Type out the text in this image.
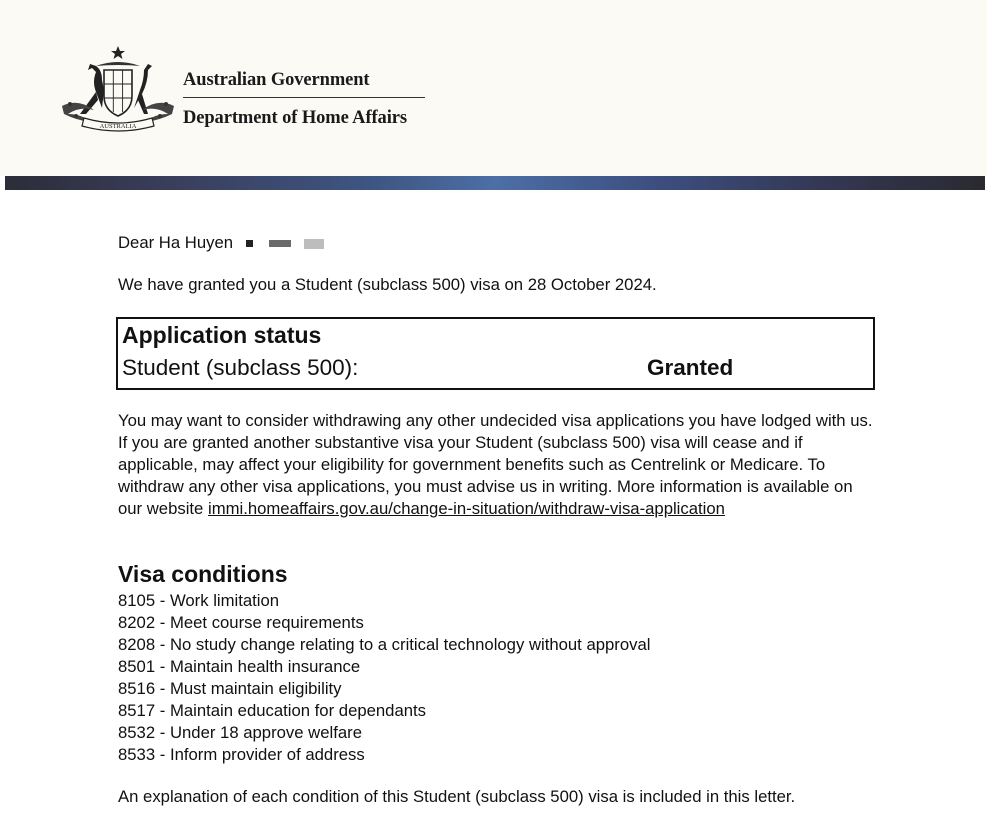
AUSTRALIA
Australian Government
Department of Home Affairs
Dear Ha Huyen
We have granted you a Student (subclass 500) visa on 28 October 2024.
Application status
Student (subclass 500):	Granted
You may want to consider withdrawing any other undecided visa applications you have lodged with us. If you are granted another substantive visa your Student (subclass 500) visa will cease and if applicable, may affect your eligibility for government benefits such as Centrelink or Medicare. To withdraw any other visa applications, you must advise us in writing. More information is available on our website immi.homeaffairs.gov.au/change-in-situation/withdraw-visa-application
Visa conditions
8105 - Work limitation
8202 - Meet course requirements
8208 - No study change relating to a critical technology without approval
8501 - Maintain health insurance
8516 - Must maintain eligibility
8517 - Maintain education for dependants
8532 - Under 18 approve welfare
8533 - Inform provider of address
An explanation of each condition of this Student (subclass 500) visa is included in this letter.
